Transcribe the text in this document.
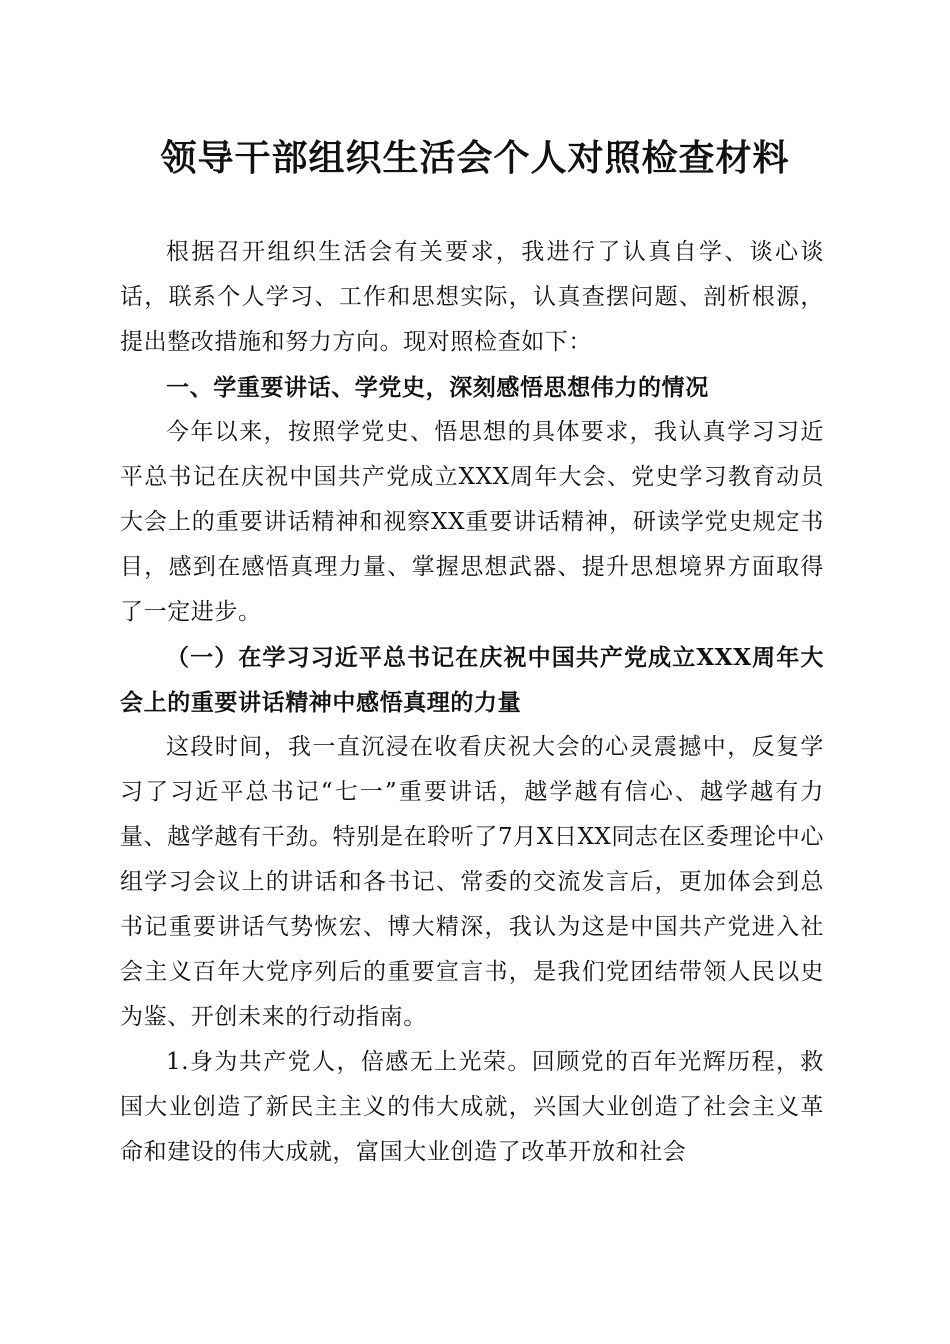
领导干部组织生活会个人对照检查材料

根据召开组织生活会有关要求，我进行了认真自学、谈心谈话，联系个人学习、工作和思想实际，认真查摆问题、剖析根源，提出整改措施和努力方向。现对照检查如下：

一、学重要讲话、学党史，深刻感悟思想伟力的情况

今年以来，按照学党史、悟思想的具体要求，我认真学习习近平总书记在庆祝中国共产党成立XXX周年大会、党史学习教育动员大会上的重要讲话精神和视察XX重要讲话精神，研读学党史规定书目，感到在感悟真理力量、掌握思想武器、提升思想境界方面取得了一定进步。

（一）在学习习近平总书记在庆祝中国共产党成立XXX周年大会上的重要讲话精神中感悟真理的力量

这段时间，我一直沉浸在收看庆祝大会的心灵震撼中，反复学习了习近平总书记“七一”重要讲话，越学越有信心、越学越有力量、越学越有干劲。特别是在聆听了7月X日XX同志在区委理论中心组学习会议上的讲话和各书记、常委的交流发言后，更加体会到总书记重要讲话气势恢宏、博大精深，我认为这是中国共产党进入社会主义百年大党序列后的重要宣言书，是我们党团结带领人民以史为鉴、开创未来的行动指南。

1.身为共产党人，倍感无上光荣。回顾党的百年光辉历程，救国大业创造了新民主主义的伟大成就，兴国大业创造了社会主义革命和建设的伟大成就，富国大业创造了改革开放和社会
